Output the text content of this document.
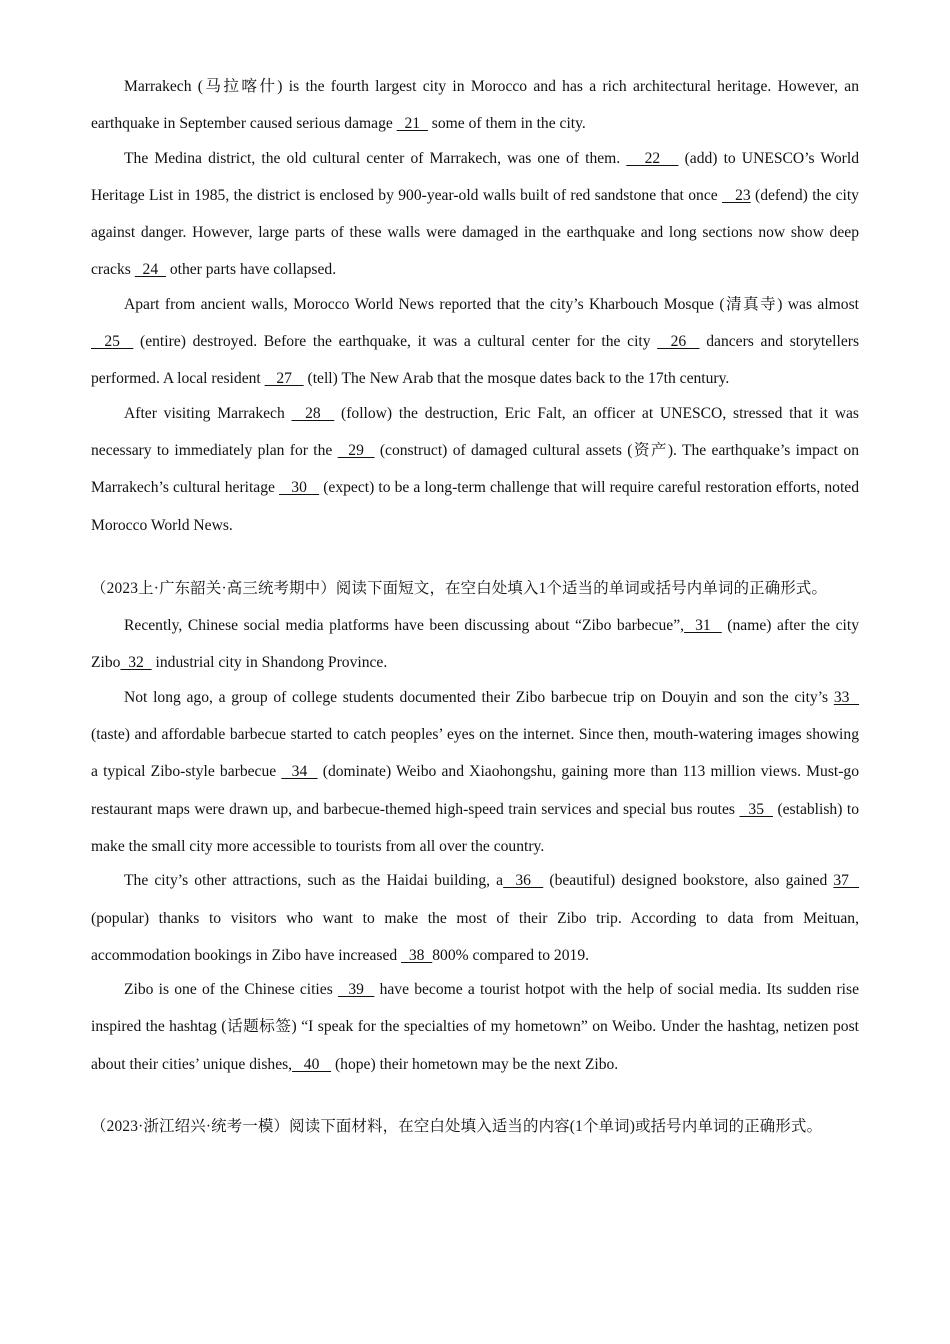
Marrakech (马拉喀什) is the fourth largest city in Morocco and has a rich architectural heritage. However, an earthquake in September caused serious damage   21   some of them in the city.

The Medina district, the old cultural center of Marrakech, was one of them.    22    (add) to UNESCO’s World Heritage List in 1985, the district is enclosed by 900-year-old walls built of red sandstone that once    23 (defend) the city against danger. However, large parts of these walls were damaged in the earthquake and long sections now show deep cracks   24   other parts have collapsed.

Apart from ancient walls, Morocco World News reported that the city’s Kharbouch Mosque (清真寺) was almost   25   (entire) destroyed. Before the earthquake, it was a cultural center for the city   26   dancers and storytellers performed. A local resident    27    (tell) The New Arab that the mosque dates back to the 17th century.

After visiting Marrakech   28   (follow) the destruction, Eric Falt, an officer at UNESCO, stressed that it was necessary to immediately plan for the   29   (construct) of damaged cultural assets (资产). The earthquake’s impact on Marrakech’s cultural heritage    30    (expect) to be a long-term challenge that will require careful restoration efforts, noted Morocco World News.

（2023上·广东韶关·高三统考期中）阅读下面短文，在空白处填入1个适当的单词或括号内单词的正确形式。

Recently, Chinese social media platforms have been discussing about “Zibo barbecue”,  31   (name) after the city Zibo  32   industrial city in Shandong Province.

Not long ago, a group of college students documented their Zibo barbecue trip on Douyin and son the city’s 33   (taste) and affordable barbecue started to catch peoples’ eyes on the internet. Since then, mouth-watering images showing a typical Zibo-style barbecue   34   (dominate) Weibo and Xiaohongshu, gaining more than 113 million views. Must-go restaurant maps were drawn up, and barbecue-themed high-speed train services and special bus routes   35   (establish) to make the small city more accessible to tourists from all over the country.

The city’s other attractions, such as the Haidai building, a  36   (beautiful) designed bookstore, also gained 37   (popular) thanks to visitors who want to make the most of their Zibo trip. According to data from Meituan, accommodation bookings in Zibo have increased   38  800% compared to 2019.

Zibo is one of the Chinese cities   39   have become a tourist hotpot with the help of social media. Its sudden rise inspired the hashtag (话题标签) “I speak for the specialties of my hometown” on Weibo. Under the hashtag, netizen post about their cities’ unique dishes,   40    (hope) their hometown may be the next Zibo.

（2023·浙江绍兴·统考一模）阅读下面材料，在空白处填入适当的内容(1个单词)或括号内单词的正确形式。
